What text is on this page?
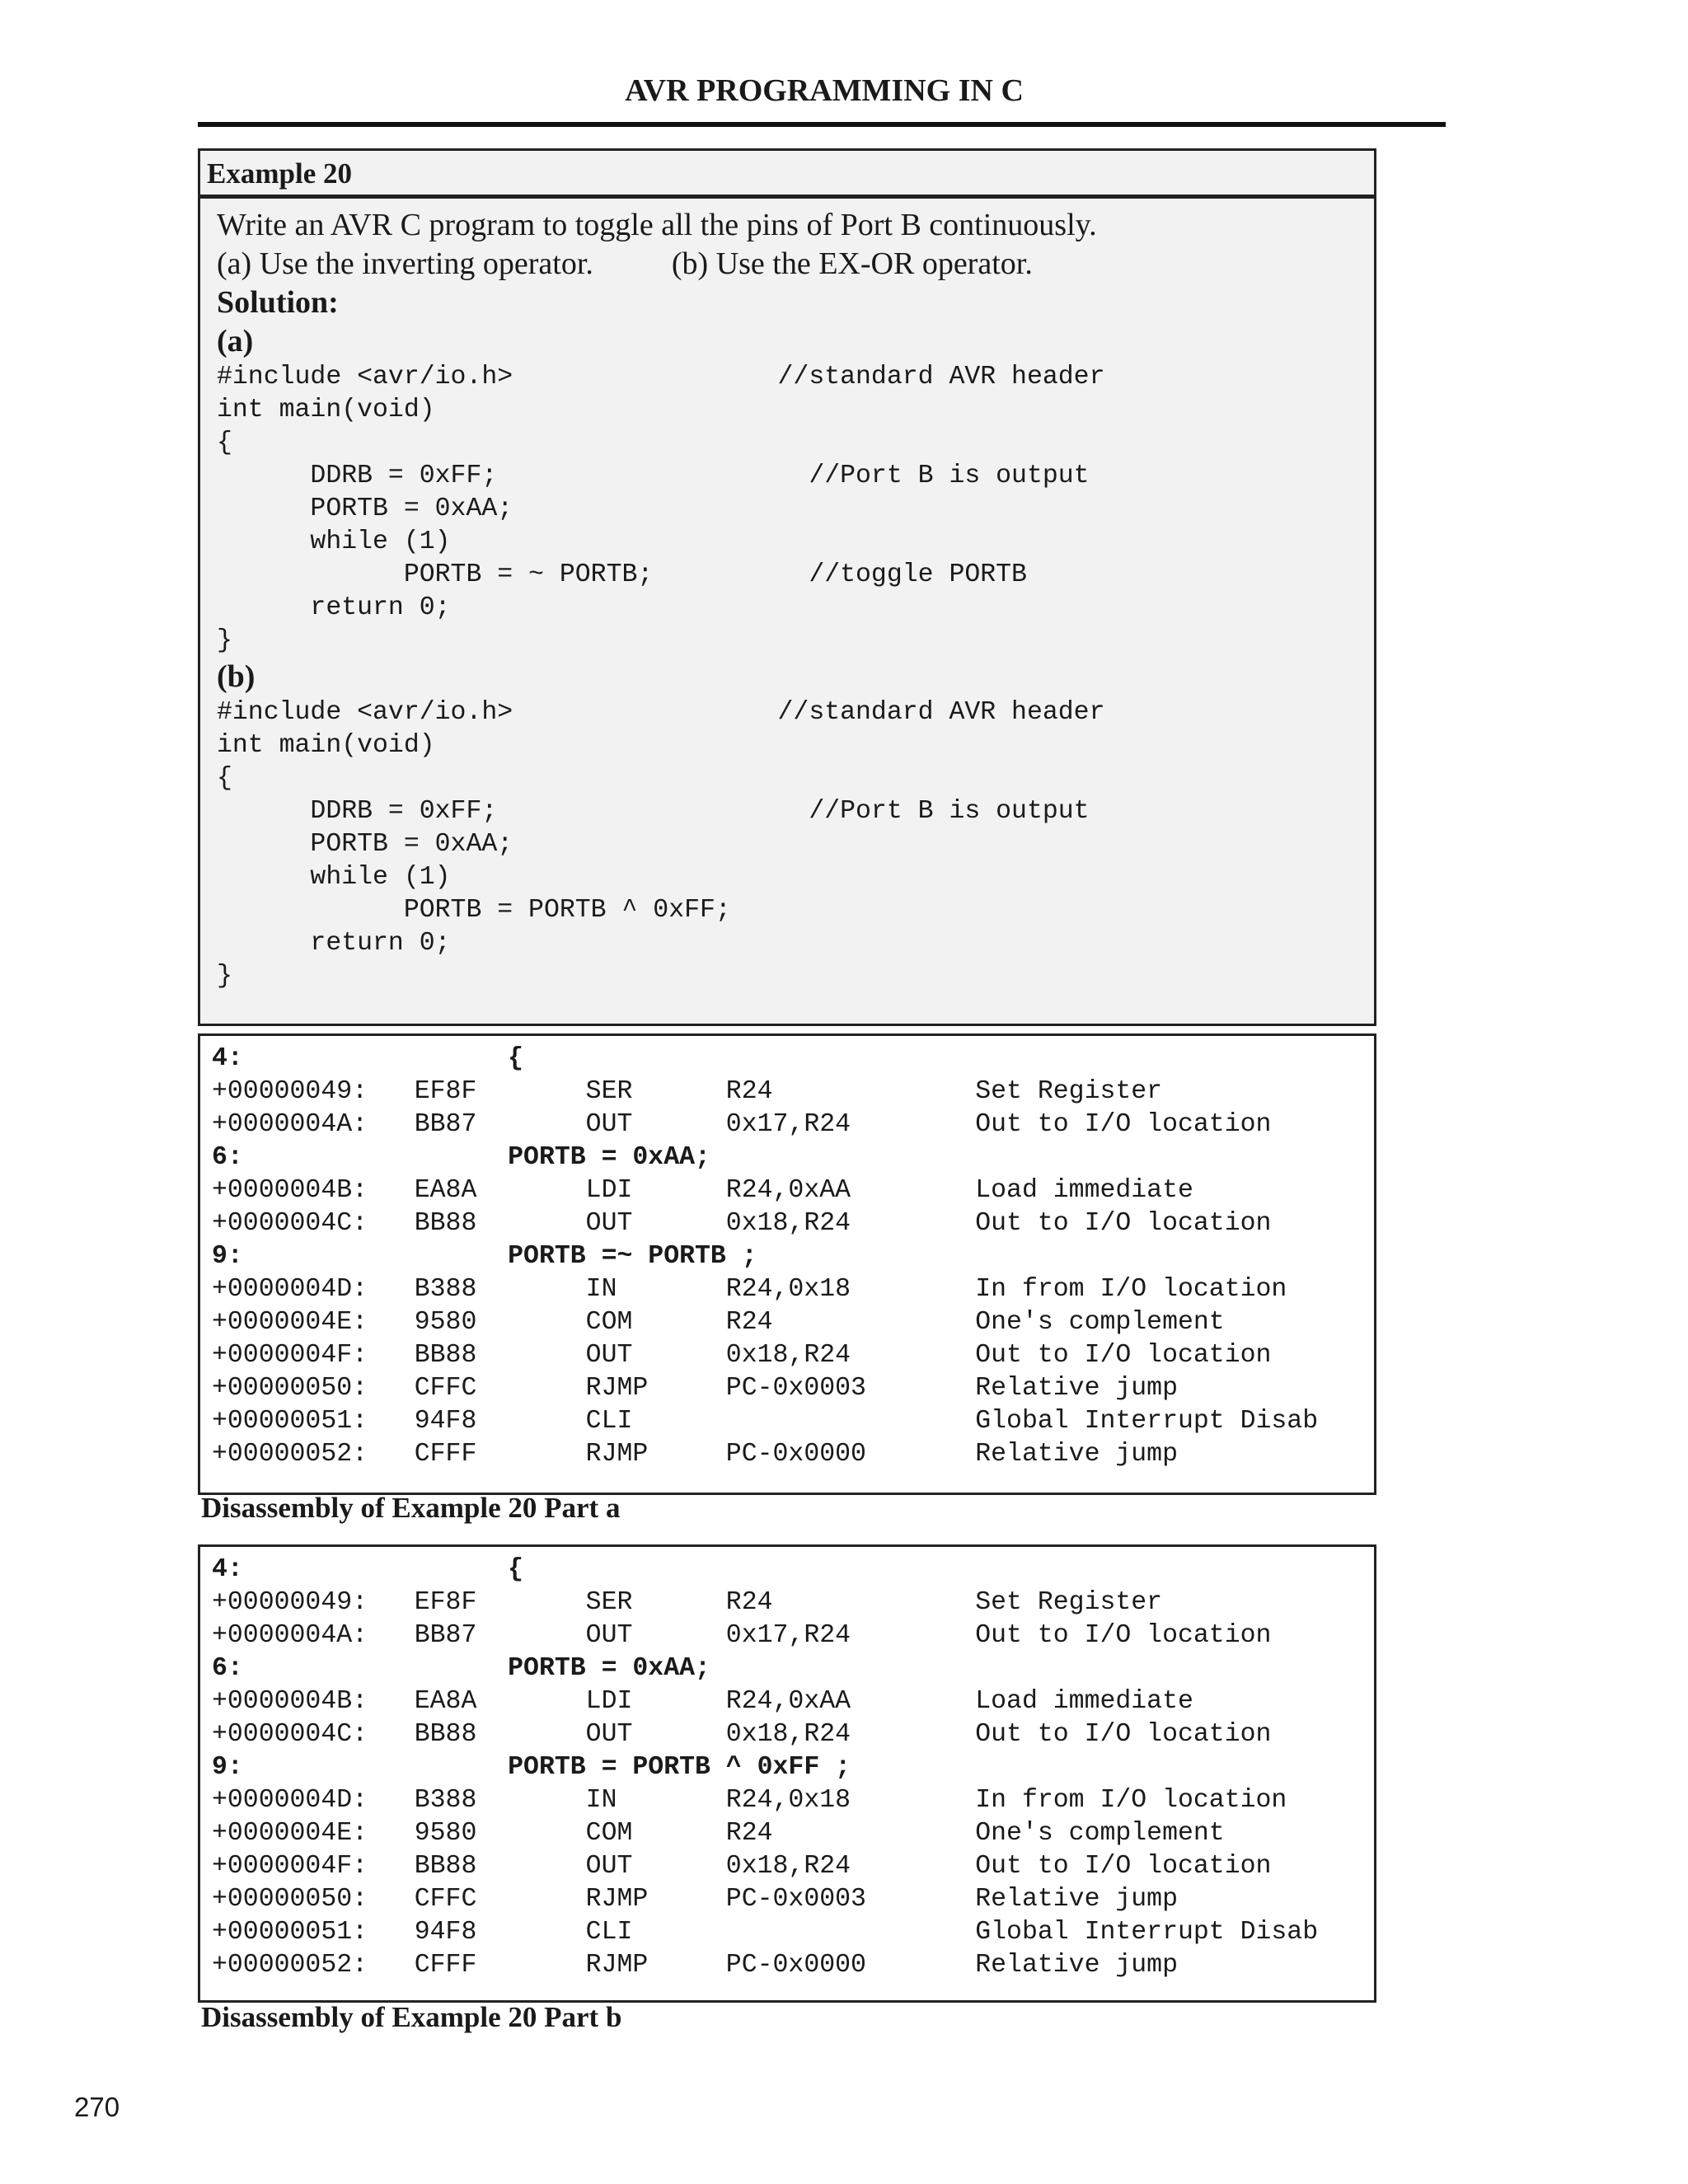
AVR PROGRAMMING IN C
Example 20
Write an AVR C program to toggle all the pins of Port B continuously.
(a) Use the inverting operator.          (b) Use the EX-OR operator.
Solution:
(a)
#include <avr/io.h>                 //standard AVR header
int main(void)
{
DDRB = 0xFF;                    //Port B is output
PORTB = 0xAA;
while (1)
PORTB = ~ PORTB;          //toggle PORTB
return 0;
}
(b)
#include <avr/io.h>                 //standard AVR header
int main(void)
{
DDRB = 0xFF;                    //Port B is output
PORTB = 0xAA;
while (1)
PORTB = PORTB ^ 0xFF;
return 0;
}
4:                 {
+00000049:   EF8F       SER      R24             Set Register
+0000004A:   BB87       OUT      0x17,R24        Out to I/O location
6:                 PORTB = 0xAA;
+0000004B:   EA8A       LDI      R24,0xAA        Load immediate
+0000004C:   BB88       OUT      0x18,R24        Out to I/O location
9:                 PORTB =~ PORTB ;
+0000004D:   B388       IN       R24,0x18        In from I/O location
+0000004E:   9580       COM      R24             One's complement
+0000004F:   BB88       OUT      0x18,R24        Out to I/O location
+00000050:   CFFC       RJMP     PC-0x0003       Relative jump
+00000051:   94F8       CLI                      Global Interrupt Disab
+00000052:   CFFF       RJMP     PC-0x0000       Relative jump
Disassembly of Example 20 Part a
4:                 {
+00000049:   EF8F       SER      R24             Set Register
+0000004A:   BB87       OUT      0x17,R24        Out to I/O location
6:                 PORTB = 0xAA;
+0000004B:   EA8A       LDI      R24,0xAA        Load immediate
+0000004C:   BB88       OUT      0x18,R24        Out to I/O location
9:                 PORTB = PORTB ^ 0xFF ;
+0000004D:   B388       IN       R24,0x18        In from I/O location
+0000004E:   9580       COM      R24             One's complement
+0000004F:   BB88       OUT      0x18,R24        Out to I/O location
+00000050:   CFFC       RJMP     PC-0x0003       Relative jump
+00000051:   94F8       CLI                      Global Interrupt Disab
+00000052:   CFFF       RJMP     PC-0x0000       Relative jump
Disassembly of Example 20 Part b
270
